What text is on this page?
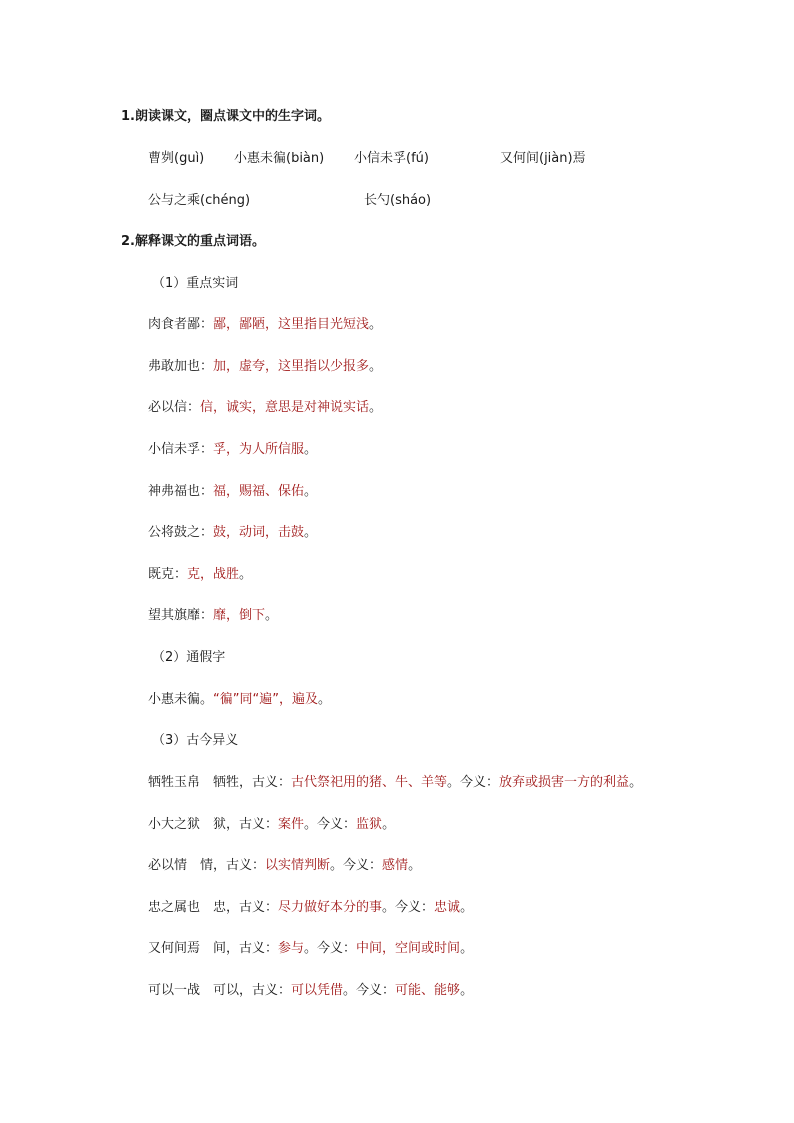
1.朗读课文，圈点课文中的生字词。
曹刿(guì) 小惠未徧(biàn) 小信未孚(fú)	又何间(jiàn)焉
公与之乘(chéng)	长勺(sháo)
2.解释课文的重点词语。
（1）重点实词
肉食者鄙：鄙，鄙陋，这里指目光短浅。
弗敢加也：加，虚夸，这里指以少报多。
必以信：信，诚实，意思是对神说实话。
小信未孚：孚，为人所信服。
神弗福也：福，赐福、保佑。
公将鼓之：鼓，动词，击鼓。
既克：克，战胜。
望其旗靡：靡，倒下。
（2）通假字
小惠未徧。“徧”同“遍”，遍及。
（3）古今异义
牺牲玉帛　牺牲，古义：古代祭祀用的猪、牛、羊等。今义：放弃或损害一方的利益。
小大之狱　狱，古义：案件。今义：监狱。
必以情　情，古义：以实情判断。今义：感情。
忠之属也　忠，古义：尽力做好本分的事。今义：忠诚。
又何间焉　间，古义：参与。今义：中间，空间或时间。
可以一战　可以，古义：可以凭借。今义：可能、能够。
